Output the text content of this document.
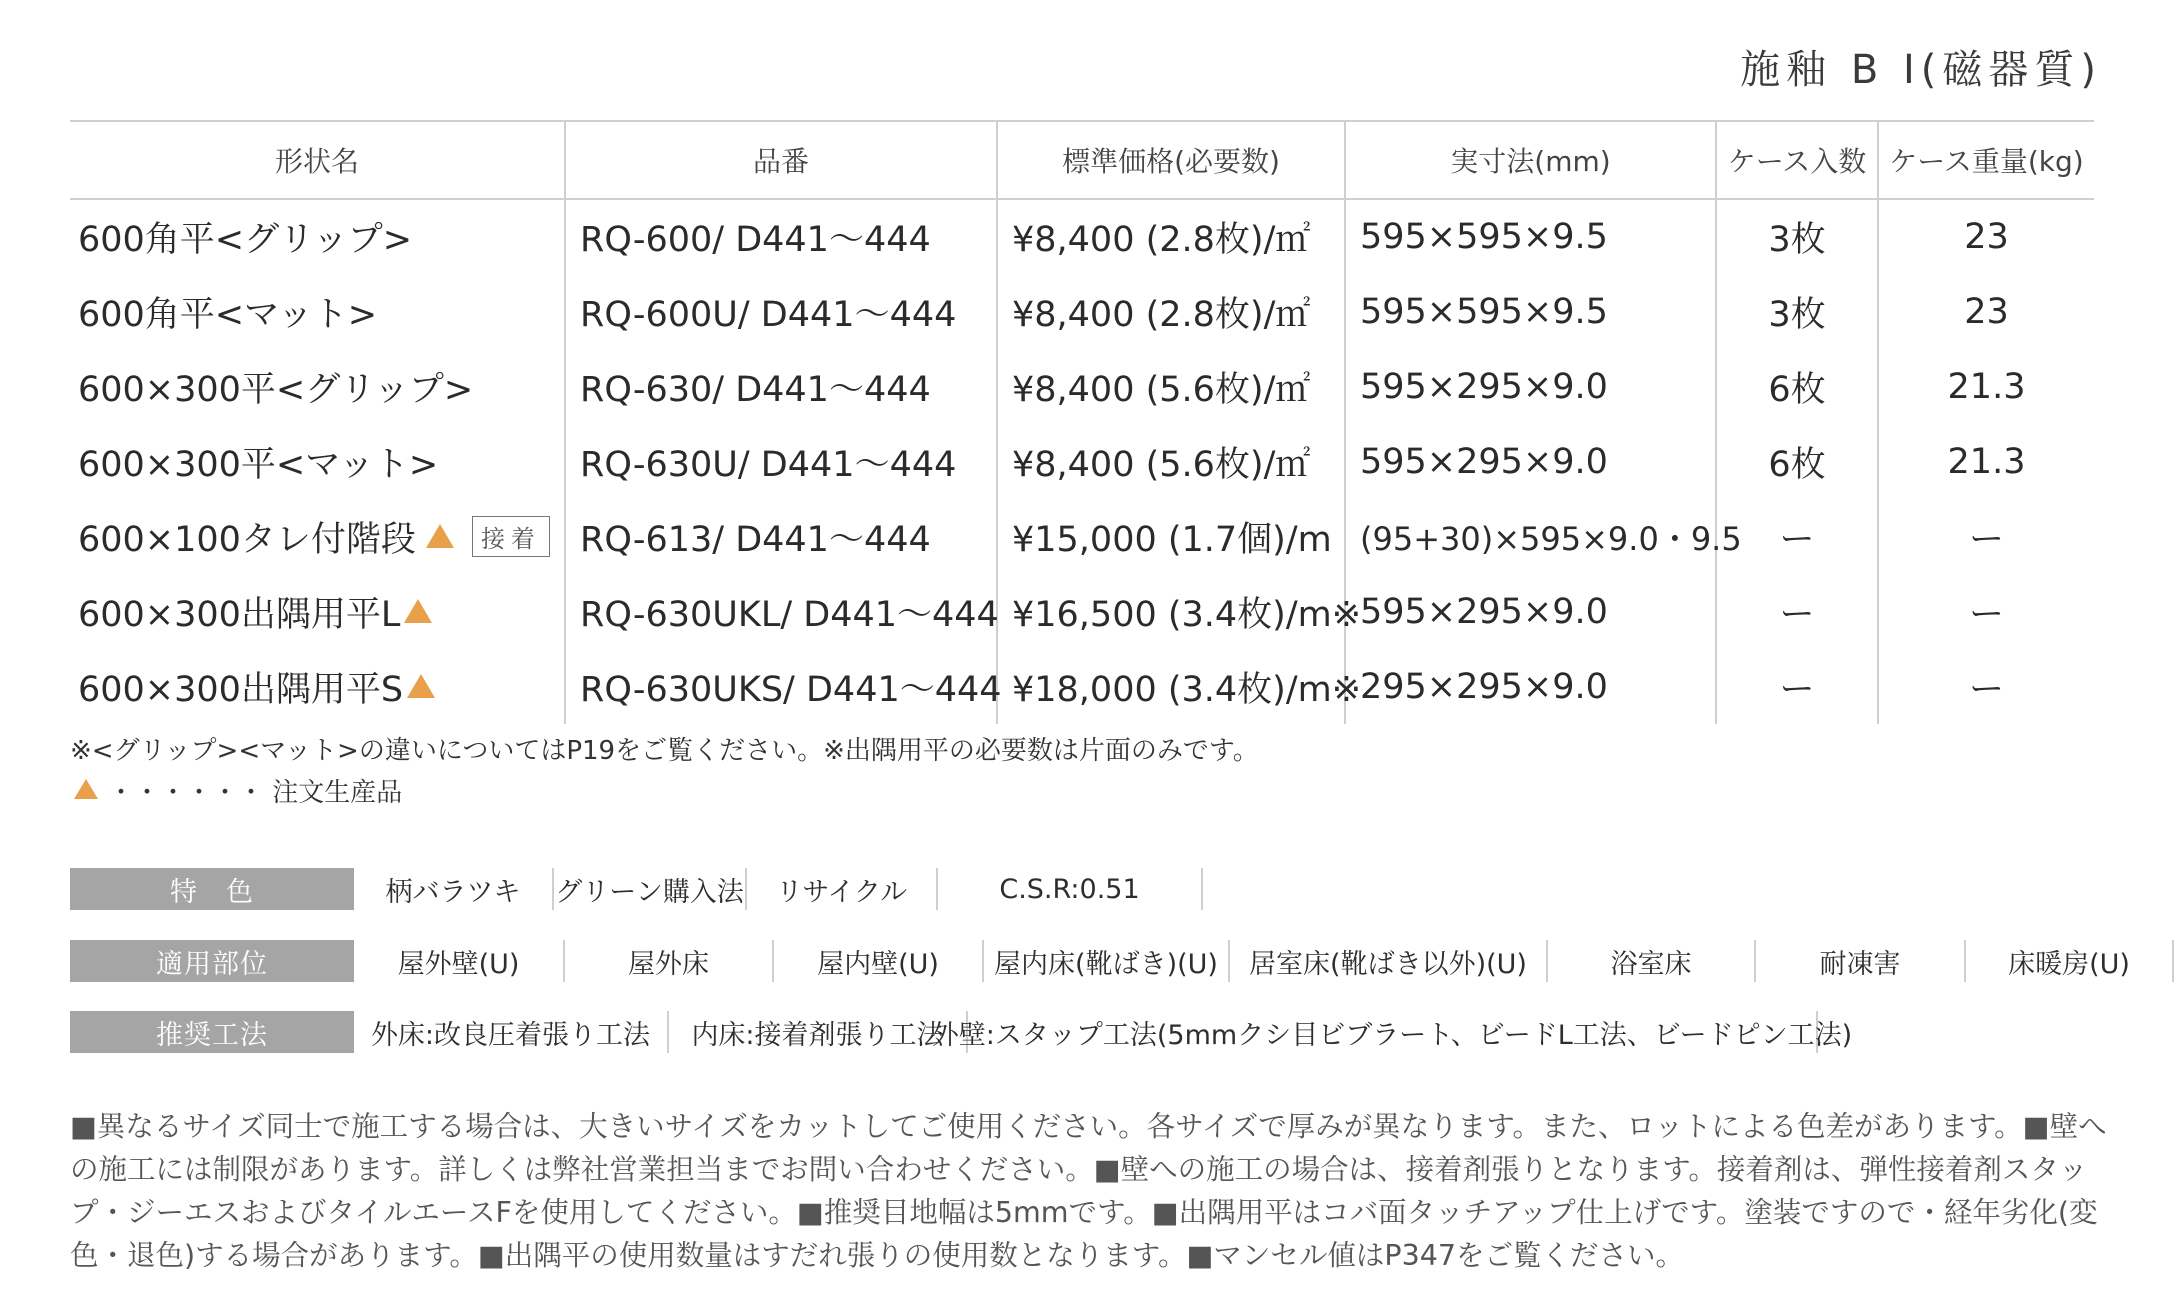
施釉 B I(磁器質)
形状名	品番	標準価格(必要数)	実寸法(mm)	ケース入数	ケース重量(kg)
600角平<グリップ>	RQ-600/ D441〜444	¥8,400 (2.8枚)/㎡	595×595×9.5	3枚	23
600角平<マット>	RQ-600U/ D441〜444	¥8,400 (2.8枚)/㎡	595×595×9.5	3枚	23
600×300平<グリップ>	RQ-630/ D441〜444	¥8,400 (5.6枚)/㎡	595×295×9.0	6枚	21.3
600×300平<マット>	RQ-630U/ D441〜444	¥8,400 (5.6枚)/㎡	595×295×9.0	6枚	21.3
600×100タレ付階段 接着	RQ-613/ D441〜444	¥15,000 (1.7個)/m	(95+30)×595×9.0・9.5	ー	ー
600×300出隅用平L	RQ-630UKL/ D441〜444	¥16,500 (3.4枚)/m※	595×295×9.0	ー	ー
600×300出隅用平S	RQ-630UKS/ D441〜444	¥18,000 (3.4枚)/m※	295×295×9.0	ー	ー
※<グリップ><マット>の違いについてはP19をご覧ください。※出隅用平の必要数は片面のみです。
・・・・・・ 注文生産品
特　色	柄バラツキ	グリーン購入法	リサイクル	C.S.R:0.51
適用部位	屋外壁(U)	屋外床	屋内壁(U)	屋内床(靴ばき)(U)	居室床(靴ばき以外)(U)	浴室床	耐凍害	床暖房(U)
推奨工法	外床:改良圧着張り工法	内床:接着剤張り工法
外壁:スタップ工法(5mmクシ目ビブラート、ビードL工法、ビードピン工法)
■異なるサイズ同士で施工する場合は、大きいサイズをカットしてご使用ください。各サイズで厚みが異なります。また、ロットによる色差があります。■壁への施工には制限があります。詳しくは弊社営業担当までお問い合わせください。■壁への施工の場合は、接着剤張りとなります。接着剤は、弾性接着剤スタップ・ジーエスおよびタイルエースFを使用してください。■推奨目地幅は5mmです。■出隅用平はコバ面タッチアップ仕上げです。塗装ですので・経年劣化(変色・退色)する場合があります。■出隅平の使用数量はすだれ張りの使用数となります。■マンセル値はP347をご覧ください。
